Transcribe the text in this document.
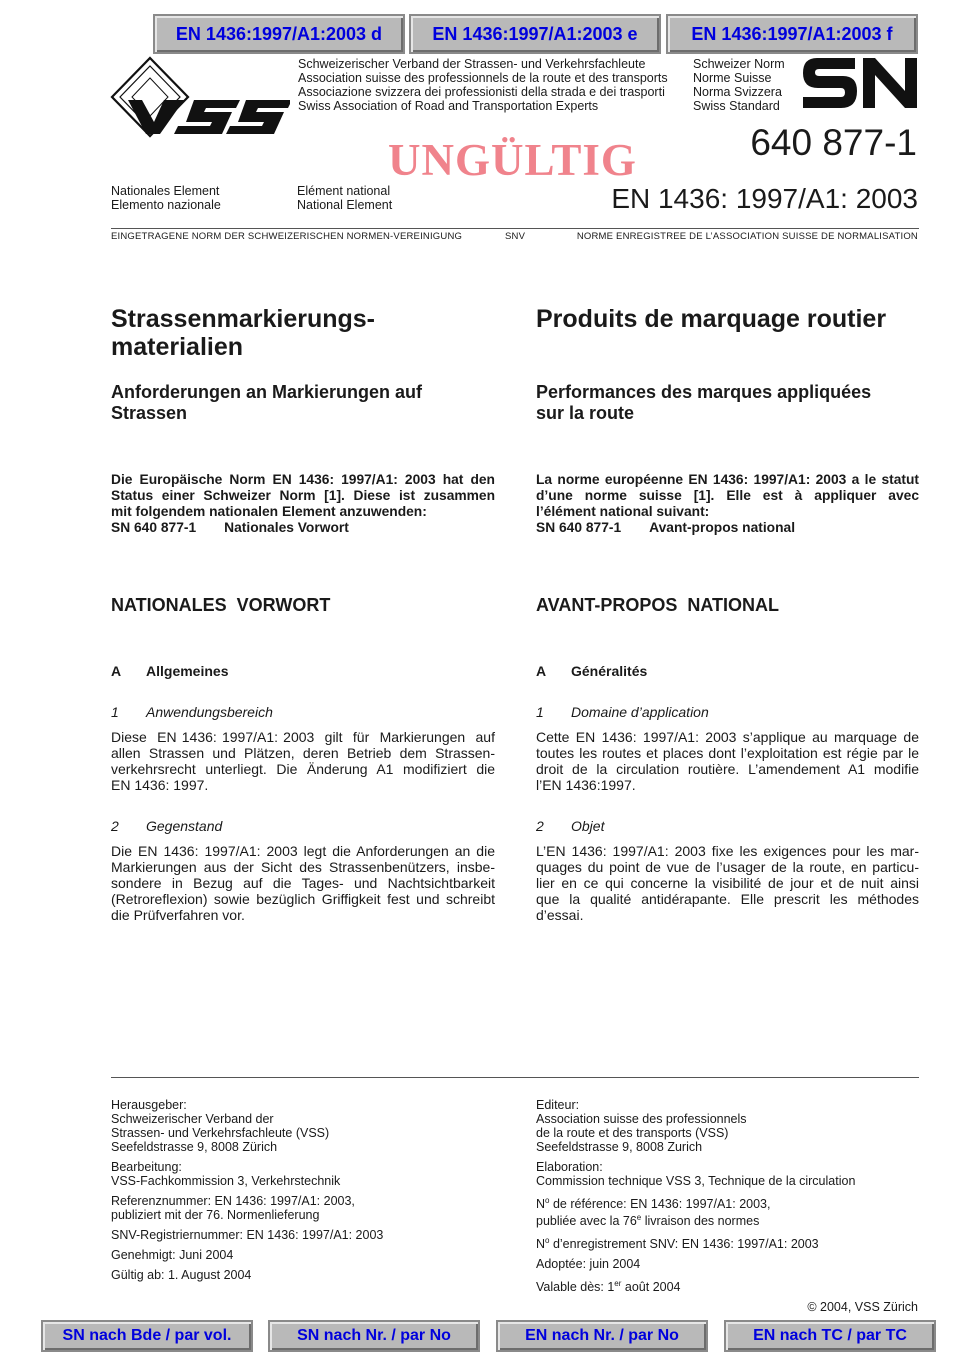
EN 1436:1997/A1:2003 d	EN 1436:1997/A1:2003 e	EN 1436:1997/A1:2003 f
VSS
Schweizerischer Verband der Strassen- und Verkehrsfachleute
Association suisse des professionnels de la route et des transports
Associazione svizzera dei professionisti della strada e dei trasporti
Swiss Association of Road and Transportation Experts
Schweizer Norm
Norme Suisse
Norma Svizzera
Swiss Standard
UNGÜLTIG	640 877-1
Nationales Element
Elemento nazionale
Elément national
National Element	EN 1436: 1997/A1: 2003
EINGETRAGENE NORM DER SCHWEIZERISCHEN NORMEN-VEREINIGUNG	SNV	NORME ENREGISTREE DE L’ASSOCIATION SUISSE DE NORMALISATION
Strassenmarkierungs-
materialien
Anforderungen an Markierungen auf
Strassen
Die Europäische Norm EN 1436: 1997/A1: 2003 hat den
Status einer Schweizer Norm [1]. Diese ist zusammen
mit folgendem nationalen Element anzuwenden:
SN 640 877-1 Nationales Vorwort
NATIONALES  VORWORT
A Allgemeines
1 Anwendungsbereich
Diese  EN 1436: 1997/A1: 2003  gilt  für  Markierungen  auf
allen Strassen und Plätzen, deren Betrieb dem Strassen-
verkehrsrecht  unterliegt.  Die  Änderung  A1  modifiziert  die
EN 1436: 1997.
2 Gegenstand
Die EN 1436: 1997/A1: 2003 legt die Anforderungen an die
Markierungen aus der Sicht des Strassenbenützers, insbe-
sondere  in  Bezug  auf  die  Tages-  und  Nachtsichtbarkeit
(Retroreflexion) sowie bezüglich Griffigkeit fest und schreibt
die Prüfverfahren vor.
Produits de marquage routier
Performances des marques appliquées
sur la route
La norme européenne EN 1436: 1997/A1: 2003 a le statut
d’une  norme  suisse  [1].  Elle  est  à  appliquer  avec
l’élément national suivant:
SN 640 877-1 Avant-propos national
AVANT-PROPOS  NATIONAL
A Généralités
1 Domaine d’application
Cette EN 1436: 1997/A1: 2003 s’applique au marquage de
toutes les routes et places dont l’exploitation est régie par le
droit  de  la  circulation  routière.  L’amendement  A1  modifie
l’EN 1436:1997.
2 Objet
L’EN 1436: 1997/A1: 2003 fixe les exigences pour les mar-
quages du point de vue de l’usager de la route, en particu-
lier en ce qui concerne la visibilité de jour et de nuit ainsi
que  la  qualité  antidérapante.  Elle  prescrit  les  méthodes
d’essai.
Herausgeber:
Schweizerischer Verband der
Strassen- und Verkehrsfachleute (VSS)
Seefeldstrasse 9, 8008 Zürich
Bearbeitung:
VSS-Fachkommission 3, Verkehrstechnik
Referenznummer: EN 1436: 1997/A1: 2003,
publiziert mit der 76. Normenlieferung
SNV-Registriernummer: EN 1436: 1997/A1: 2003
Genehmigt: Juni 2004
Gültig ab: 1. August 2004
Editeur:
Association suisse des professionnels
de la route et des transports (VSS)
Seefeldstrasse 9, 8008 Zurich
Elaboration:
Commission technique VSS 3, Technique de la circulation
$N^o$ de référence: EN 1436: 1997/A1: 2003,
publiée avec la 76e livraison des normes
$N^o$ d’enregistrement SNV: EN 1436: 1997/A1: 2003
Adoptée: juin 2004
Valable dès: 1er août 2004
© 2004, VSS Zürich
SN nach Bde / par vol.	SN nach Nr. / par No	EN nach Nr. / par No	EN nach TC / par TC
